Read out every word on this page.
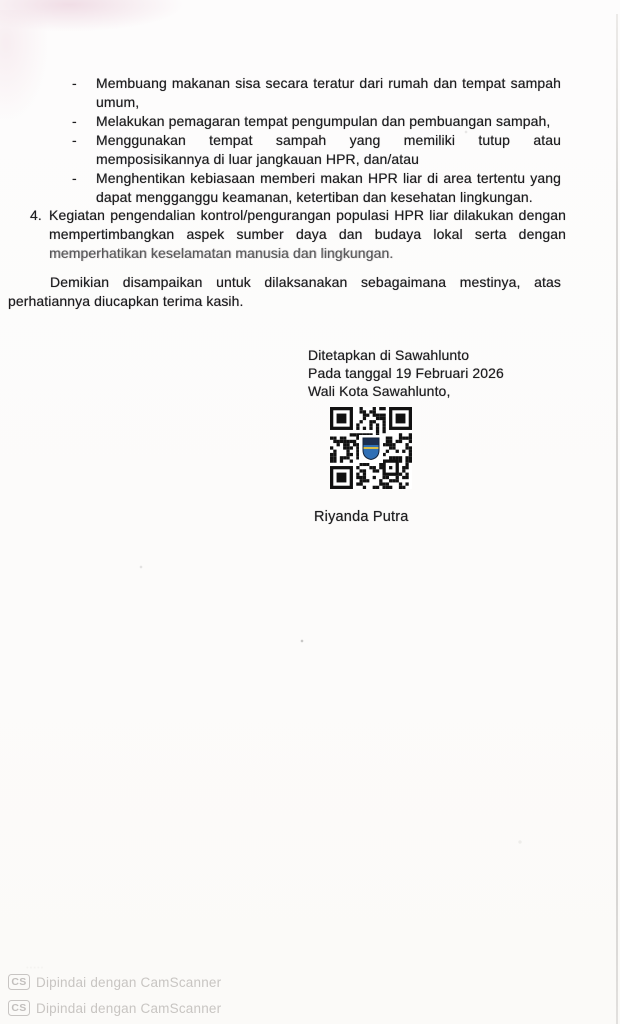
-	Membuang makanan sisa secara teratur dari rumah dan tempat sampah
umum,
-	Melakukan pemagaran tempat pengumpulan dan pembuangan sampah,
-	Menggunakan tempat sampah yang memiliki tutup atau
memposisikannya di luar jangkauan HPR, dan/atau
-	Menghentikan kebiasaan memberi makan HPR liar di area tertentu yang
dapat mengganggu keamanan, ketertiban dan kesehatan lingkungan.
4. Kegiatan pengendalian kontrol/pengurangan populasi HPR liar dilakukan dengan
mempertimbangkan aspek sumber daya dan budaya lokal serta dengan
memperhatikan keselamatan manusia dan lingkungan.
Demikian disampaikan untuk dilaksanakan sebagaimana mestinya, atas
perhatiannya diucapkan terima kasih.
Ditetapkan di Sawahlunto
Pada tanggal 19 Februari 2026
Wali Kota Sawahlunto,
Riyanda Putra
·····
CS Dipindai dengan CamScanner
CS Dipindai dengan CamScanner
